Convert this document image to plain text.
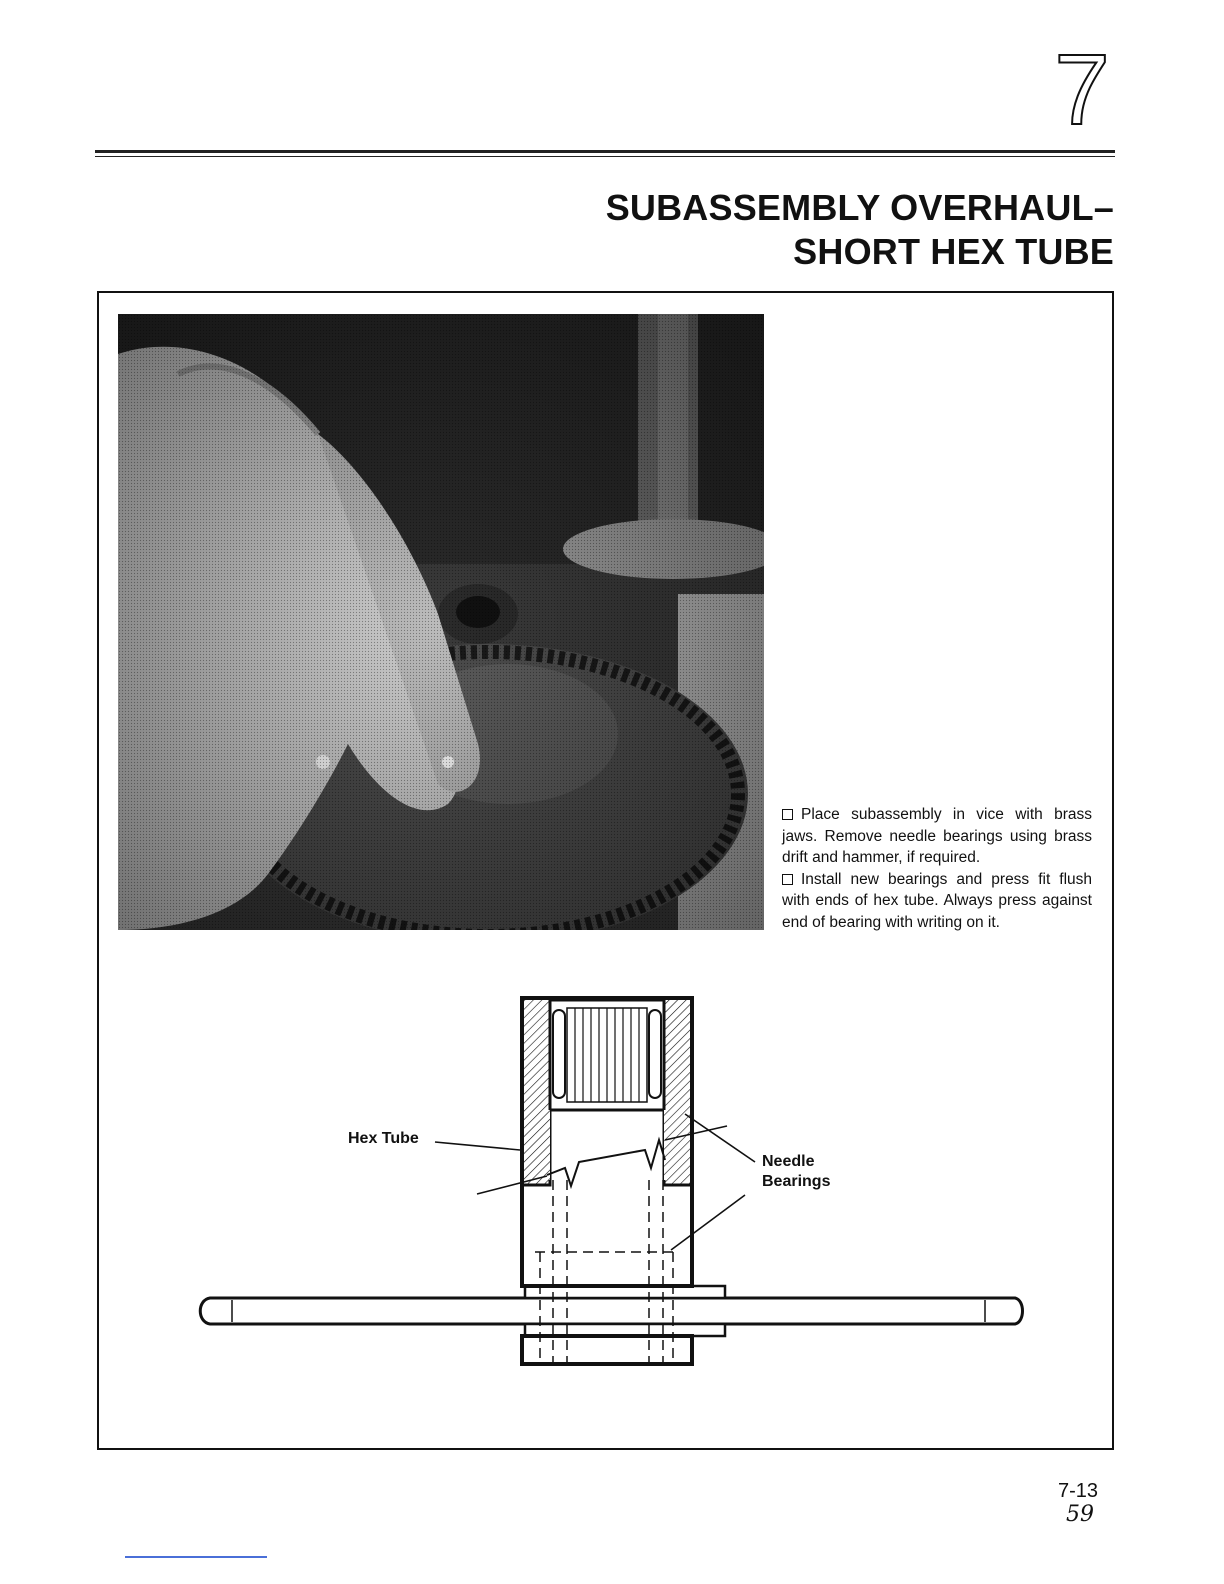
7
SUBASSEMBLY OVERHAUL–
SHORT HEX TUBE

Place subassembly in vice with brass jaws. Remove needle bearings using brass drift and hammer, if required.

Install new bearings and press fit flush with ends of hex tube. Always press against end of bearing with writing on it.

Hex Tube
Needle
Bearings
7-13
59
